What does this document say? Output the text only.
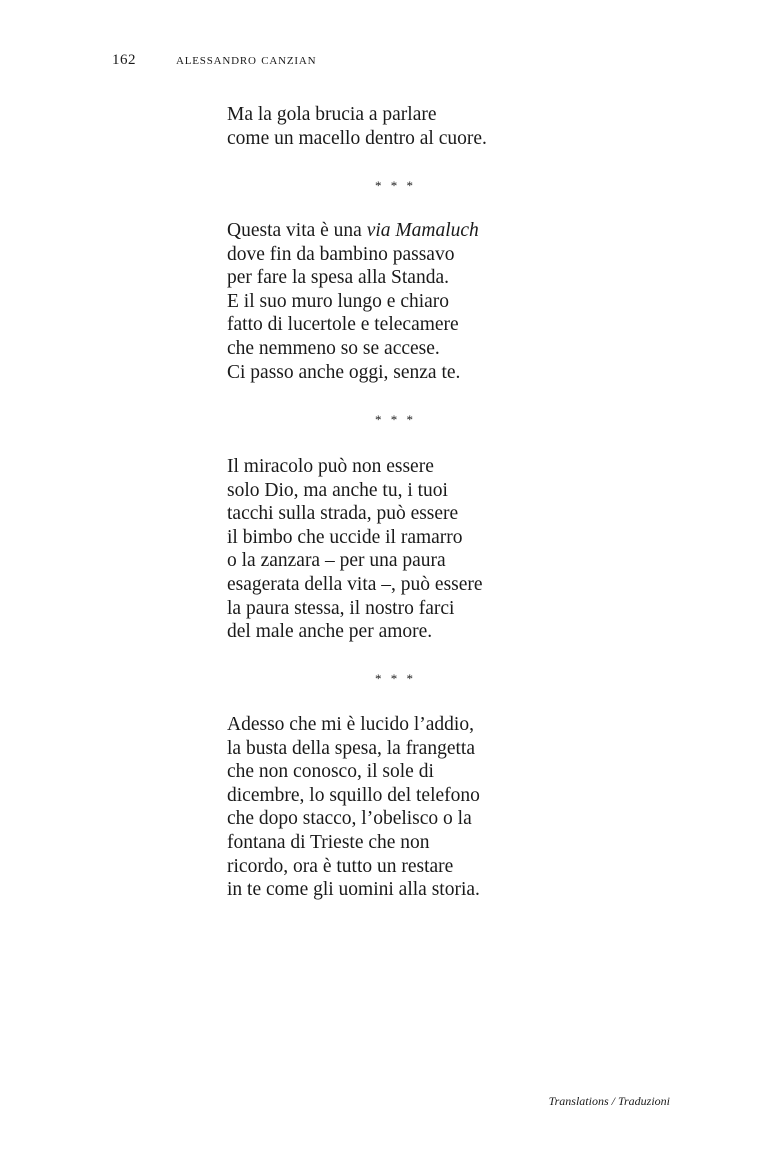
162	alessandro canzian
Ma la gola brucia a parlare
come un macello dentro al cuore.
* * *
Questa vita è una via Mamaluch
dove fin da bambino passavo
per fare la spesa alla Standa.
E il suo muro lungo e chiaro
fatto di lucertole e telecamere
che nemmeno so se accese.
Ci passo anche oggi, senza te.
* * *
Il miracolo può non essere
solo Dio, ma anche tu, i tuoi
tacchi sulla strada, può essere
il bimbo che uccide il ramarro
o la zanzara – per una paura
esagerata della vita –, può essere
la paura stessa, il nostro farci
del male anche per amore.
* * *
Adesso che mi è lucido l’addio,
la busta della spesa, la frangetta
che non conosco, il sole di
dicembre, lo squillo del telefono
che dopo stacco, l’obelisco o la
fontana di Trieste che non
ricordo, ora è tutto un restare
in te come gli uomini alla storia.
Translations / Traduzioni
